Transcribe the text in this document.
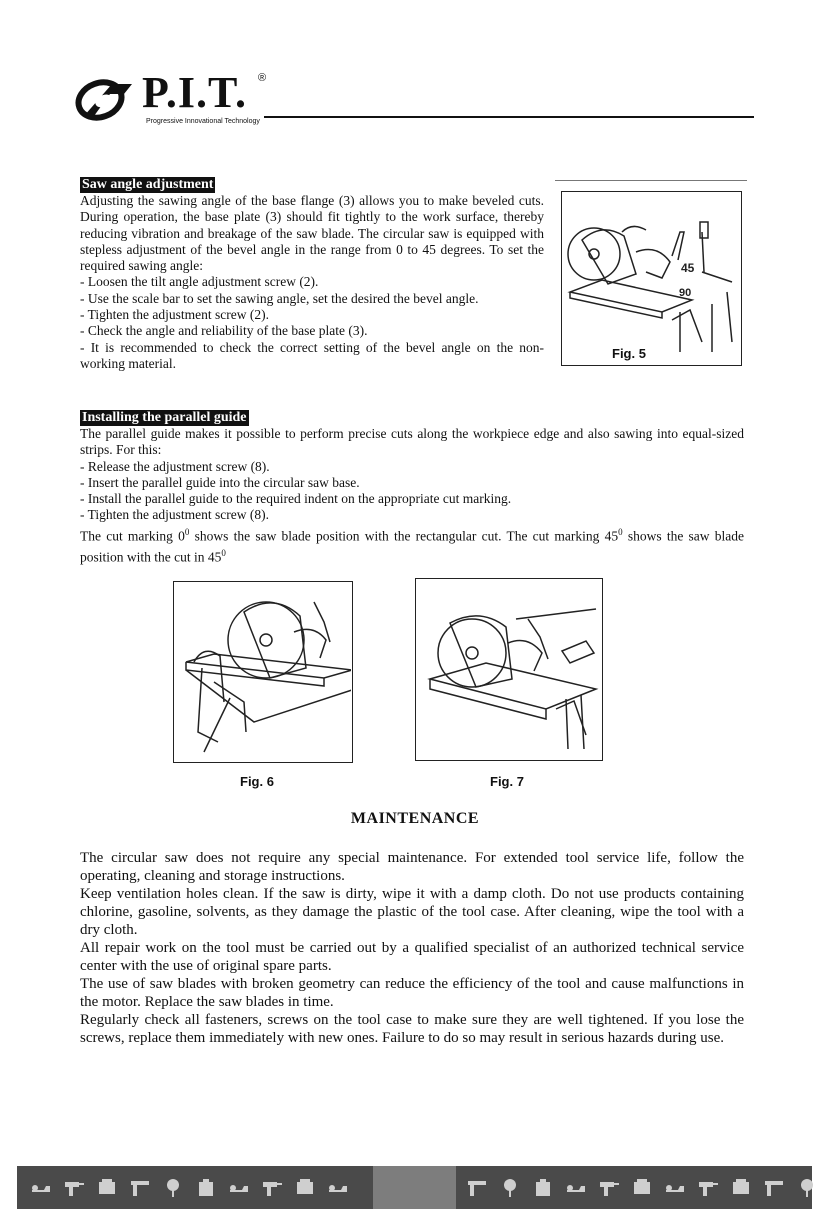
P.I.T. ®
Progressive Innovational Technology
Saw angle adjustment

Adjusting the sawing angle of the base flange (3) allows you to make beveled cuts. During operation, the base plate (3) should fit tightly to the work surface, thereby reducing vibration and breakage of the saw blade. The circular saw is equipped with stepless adjustment of the bevel angle in the range from 0 to 45 degrees. To set the required sawing angle:

- Loosen the tilt angle adjustment screw (2).

- Use the scale bar to set the sawing angle, set the desired the bevel angle.

- Tighten the adjustment screw (2).

- Check the angle and reliability of the base plate (3).

- It is recommended to check the correct setting of the bevel angle on the non-working material.

45
90
Fig. 5
Installing the parallel guide

The parallel guide makes it possible to perform precise cuts along the workpiece edge and also sawing into equal-sized strips. For this:

- Release the adjustment screw (8).

- Insert the parallel guide into the circular saw base.

- Install the parallel guide to the required indent on the appropriate cut marking.

- Tighten the adjustment screw (8).

The cut marking $0^0$ shows the saw blade position with the rectangular cut. The cut marking $45^0$ shows the saw blade position with the cut in $45^0$

Fig. 6	Fig. 7
MAINTENANCE

The circular saw does not require any special maintenance. For extended tool service life, follow the operating, cleaning and storage instructions.

Keep ventilation holes clean. If the saw is dirty, wipe it with a damp cloth. Do not use products containing chlorine, gasoline, solvents, as they damage the plastic of the tool case. After cleaning, wipe the tool with a dry cloth.

All repair work on the tool must be carried out by a qualified specialist of an authorized technical service center with the use of original spare parts.

The use of saw blades with broken geometry can reduce the efficiency of the tool and cause malfunctions in the motor. Replace the saw blades in time.

Regularly check all fasteners, screws on the tool case to make sure they are well tightened. If you lose the screws, replace them immediately with new ones. Failure to do so may result in serious hazards during use.
